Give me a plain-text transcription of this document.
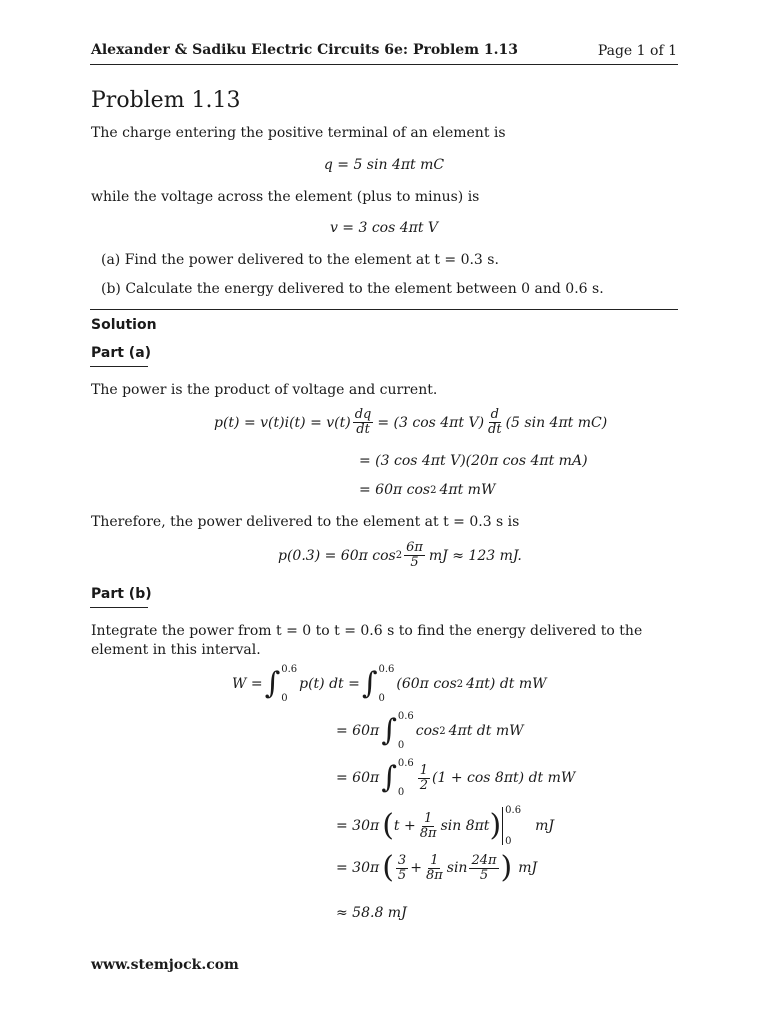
Alexander & Sadiku Electric Circuits 6e: Problem 1.13	Page 1 of 1
Problem 1.13
The charge entering the positive terminal of an element is
q = 5 sin 4πt mC
while the voltage across the element (plus to minus) is
v = 3 cos 4πt V
(a) Find the power delivered to the element at t = 0.3 s.
(b) Calculate the energy delivered to the element between 0 and 0.6 s.
Solution
Part (a)
The power is the product of voltage and current.
$p(t) = v(t)i(t) = v(t) \frac{dq}{dt} = (3$ cos 4πt $V) \frac{d}{dt} (5$ sin 4πt mC)
= (3 cos 4πt V)(20π cos 4πt mA)
= 60π cos 2 4πt mW
Therefore, the power delivered to the element at t = 0.3 s is
p(0.3) = 60π $\cos 2 \frac{6\pi}{5}$ mJ ≈ 123 mJ.
Part (b)
Integrate the power from t = 0 to t = 0.6 s to find the energy delivered to the element in this interval.
W = ∫ 0.6
0
p(t) dt = ∫ 0.6
0
(60π cos 2 4πt) dt mW
= 60π ∫ 0.6
0
cos 2 4πt dt mW
= 60π ∫ 0.6
0	$\frac{1}{2} (1 + \cos 8\pi t)$ dt mW
= 30π ( $t + \frac{1}{8\pi}$ sin 8πt ) 0.6
0
mJ
= 30π ( $\frac{3}{5} + \frac{1}{8\pi}$ $\sin \frac{24\pi}{5}$ ) mJ
≈ 58.8 mJ
www.stemjock.com
